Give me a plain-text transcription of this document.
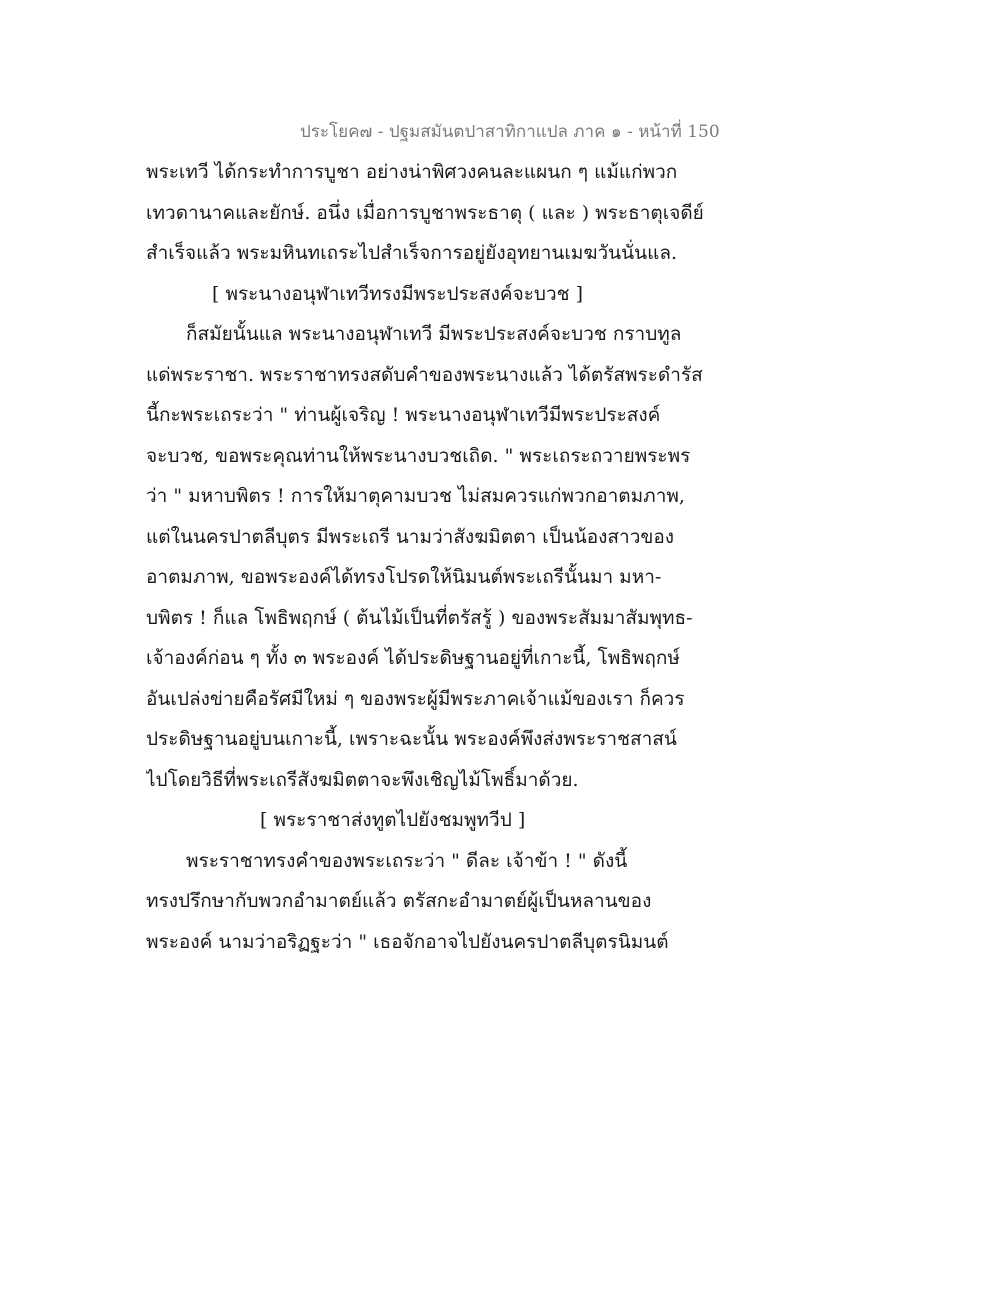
ประโยค๗ - ปฐมสมันตปาสาทิกาแปล ภาค ๑ - หน้าที่ 150
พระเทวี ได้กระทำการบูชา อย่างน่าพิศวงคนละแผนก ๆ แม้แก่พวก
เทวดานาคและยักษ์. อนึ่ง เมื่อการบูชาพระธาตุ ( และ ) พระธาตุเจดีย์
สำเร็จแล้ว พระมหินทเถระไปสำเร็จการอยู่ยังอุทยานเมฆวันนั่นแล.
[ พระนางอนุฬาเทวีทรงมีพระประสงค์จะบวช ]
ก็สมัยนั้นแล พระนางอนุฬาเทวี มีพระประสงค์จะบวช กราบทูล
แด่พระราชา. พระราชาทรงสดับคำของพระนางแล้ว ได้ตรัสพระดำรัส
นี้กะพระเถระว่า " ท่านผู้เจริญ ! พระนางอนุฬาเทวีมีพระประสงค์
จะบวช, ขอพระคุณท่านให้พระนางบวชเถิด. " พระเถระถวายพระพร
ว่า " มหาบพิตร ! การให้มาตุคามบวช ไม่สมควรแก่พวกอาตมภาพ,
แต่ในนครปาตลีบุตร มีพระเถรี นามว่าสังฆมิตตา เป็นน้องสาวของ
อาตมภาพ, ขอพระองค์ได้ทรงโปรดให้นิมนต์พระเถรีนั้นมา มหา-
บพิตร ! ก็แล โพธิพฤกษ์ ( ต้นไม้เป็นที่ตรัสรู้ ) ของพระสัมมาสัมพุทธ-
เจ้าองค์ก่อน ๆ ทั้ง ๓ พระองค์ ได้ประดิษฐานอยู่ที่เกาะนี้, โพธิพฤกษ์
อันเปล่งข่ายคือรัศมีใหม่ ๆ ของพระผู้มีพระภาคเจ้าแม้ของเรา ก็ควร
ประดิษฐานอยู่บนเกาะนี้, เพราะฉะนั้น พระองค์พึงส่งพระราชสาสน์
ไปโดยวิธีที่พระเถรีสังฆมิตตาจะพึงเชิญไม้โพธิ์มาด้วย.
[ พระราชาส่งทูตไปยังชมพูทวีป ]
พระราชาทรงคำของพระเถระว่า " ดีละ เจ้าข้า ! " ดังนี้
ทรงปรึกษากับพวกอำมาตย์แล้ว ตรัสกะอำมาตย์ผู้เป็นหลานของ
พระองค์ นามว่าอริฏฐะว่า " เธอจักอาจไปยังนครปาตลีบุตรนิมนต์
